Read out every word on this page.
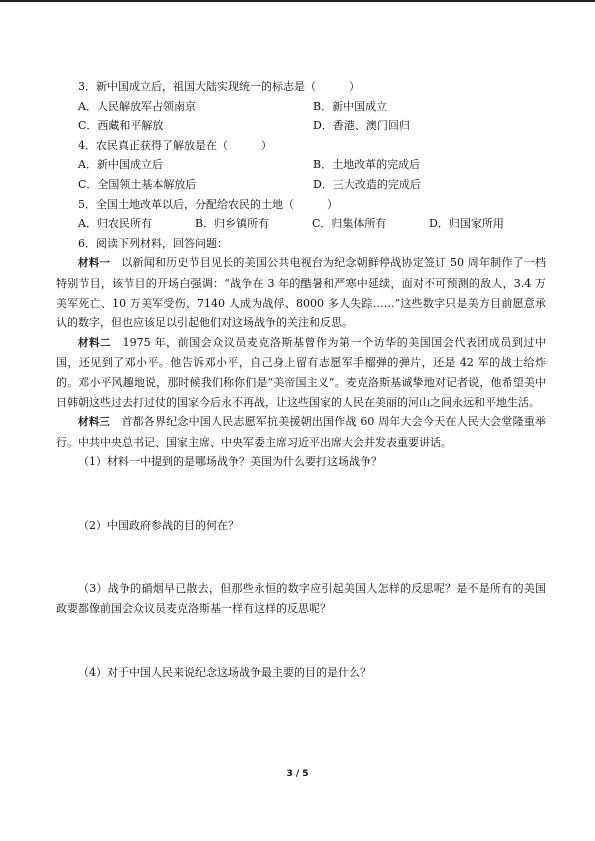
3．新中国成立后，祖国大陆实现统一的标志是（　　　）
A．人民解放军占领南京	B．新中国成立
C．西藏和平解放	D．香港、澳门回归
4．农民真正获得了解放是在（　　　）
A．新中国成立后	B．土地改革的完成后
C．全国领土基本解放后	D．三大改造的完成后
5．全国土地改革以后，分配给农民的土地（　　　）
A．归农民所有	B．归乡镇所有	C．归集体所有	D．归国家所用
6．阅读下列材料，回答问题：
材料一　以新闻和历史节目见长的美国公共电视台为纪念朝鲜停战协定签订 50 周年制作了一档特别节目，该节目的开场白强调：“战争在 3 年的酷暑和严寒中延续，面对不可预测的敌人，3.4 万美军死亡、10 万美军受伤、7140 人成为战俘、8000 多人失踪……”这些数字只是美方目前愿意承认的数字，但也应该足以引起他们对这场战争的关注和反思。
材料二　1975 年，前国会众议员麦克洛斯基曾作为第一个访华的美国国会代表团成员到过中国，还见到了邓小平。他告诉邓小平，自己身上留有志愿军手榴弹的弹片，还是 42 军的战士给炸的。邓小平风趣地说，那时候我们称你们是“美帝国主义”。麦克洛斯基诚挚地对记者说，他希望美中日韩朝这些过去打过仗的国家今后永不再战，让这些国家的人民在美丽的河山之间永远和平地生活。
材料三　首都各界纪念中国人民志愿军抗美援朝出国作战 60 周年大会今天在人民大会堂隆重举行。中共中央总书记、国家主席、中央军委主席习近平出席大会并发表重要讲话。
（1）材料一中提到的是哪场战争？美国为什么要打这场战争？
（2）中国政府参战的目的何在？
（3）战争的硝烟早已散去，但那些永恒的数字应引起美国人怎样的反思呢？是不是所有的美国政要都像前国会众议员麦克洛斯基一样有这样的反思呢？
（4）对于中国人民来说纪念这场战争最主要的目的是什么？
3 / 5
